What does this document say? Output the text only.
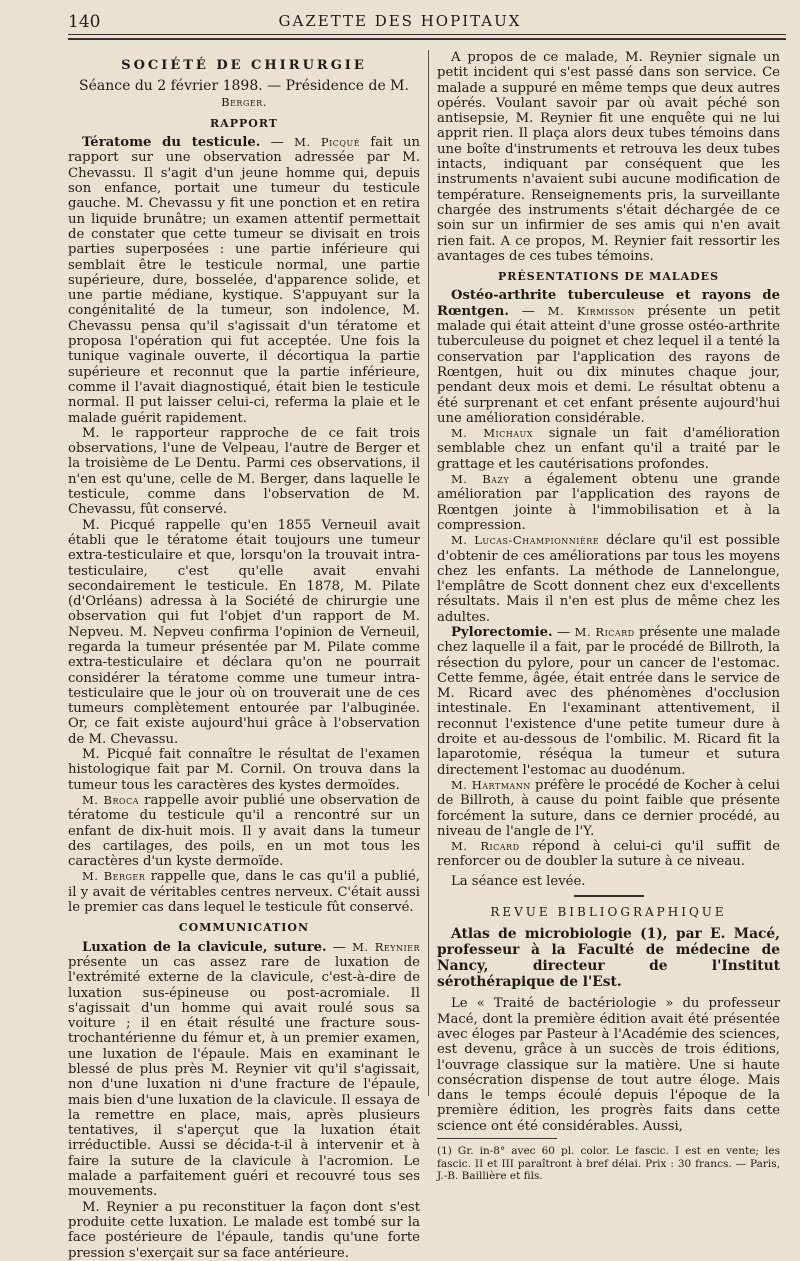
140	GAZETTE DES HOPITAUX

SOCIÉTÉ DE CHIRURGIE

Séance du 2 février 1898. — Présidence de M. Berger.

RAPPORT

Tératome du testicule. — M. Picqué fait un rapport sur une observation adressée par M. Chevassu. Il s'agit d'un jeune homme qui, depuis son enfance, portait une tumeur du testicule gauche. M. Chevassu y fit une ponction et en retira un liquide brunâtre; un examen attentif permettait de constater que cette tumeur se divisait en trois parties superposées : une partie inférieure qui semblait être le testicule normal, une partie supérieure, dure, bosselée, d'apparence solide, et une partie médiane, kystique. S'appuyant sur la congénitalité de la tumeur, son indolence, M. Chevassu pensa qu'il s'agissait d'un tératome et proposa l'opération qui fut acceptée. Une fois la tunique vaginale ouverte, il décortiqua la partie supérieure et reconnut que la partie inférieure, comme il l'avait diagnostiqué, était bien le testicule normal. Il put laisser celui-ci, referma la plaie et le malade guérit rapidement.

M. le rapporteur rapproche de ce fait trois observations, l'une de Velpeau, l'autre de Berger et la troisième de Le Dentu. Parmi ces observations, il n'en est qu'une, celle de M. Berger, dans laquelle le testicule, comme dans l'observation de M. Chevassu, fût conservé.

M. Picqué rappelle qu'en 1855 Verneuil avait établi que le tératome était toujours une tumeur extra-testiculaire et que, lorsqu'on la trouvait intra-testiculaire, c'est qu'elle avait envahi secondairement le testicule. En 1878, M. Pilate (d'Orléans) adressa à la Société de chirurgie une observation qui fut l'objet d'un rapport de M. Nepveu. M. Nepveu confirma l'opinion de Verneuil, regarda la tumeur présentée par M. Pilate comme extra-testiculaire et déclara qu'on ne pourrait considérer la tératome comme une tumeur intra-testiculaire que le jour où on trouverait une de ces tumeurs complètement entourée par l'albuginée. Or, ce fait existe aujourd'hui grâce à l'observation de M. Chevassu.

M. Picqué fait connaître le résultat de l'examen histologique fait par M. Cornil. On trouva dans la tumeur tous les caractères des kystes dermoïdes.

M. Broca rappelle avoir publié une observation de tératome du testicule qu'il a rencontré sur un enfant de dix-huit mois. Il y avait dans la tumeur des cartilages, des poils, en un mot tous les caractères d'un kyste dermoïde.

M. Berger rappelle que, dans le cas qu'il a publié, il y avait de véritables centres nerveux. C'était aussi le premier cas dans lequel le testicule fût conservé.

COMMUNICATION

Luxation de la clavicule, suture. — M. Reynier présente un cas assez rare de luxation de l'extrémité externe de la clavicule, c'est-à-dire de luxation sus-épineuse ou post-acromiale. Il s'agissait d'un homme qui avait roulé sous sa voiture ; il en était résulté une fracture sous-trochantérienne du fémur et, à un premier examen, une luxation de l'épaule. Mais en examinant le blessé de plus près M. Reynier vit qu'il s'agissait, non d'une luxation ni d'une fracture de l'épaule, mais bien d'une luxation de la clavicule. Il essaya de la remettre en place, mais, après plusieurs tentatives, il s'aperçut que la luxation était irréductible. Aussi se décida-t-il à intervenir et à faire la suture de la clavicule à l'acromion. Le malade a parfaitement guéri et recouvré tous ses mouvements.

M. Reynier a pu reconstituer la façon dont s'est produite cette luxation. Le malade est tombé sur la face postérieure de l'épaule, tandis qu'une forte pression s'exerçait sur sa face antérieure.

A propos de ce malade, M. Reynier signale un petit incident qui s'est passé dans son service. Ce malade a suppuré en même temps que deux autres opérés. Voulant savoir par où avait péché son antisepsie, M. Reynier fit une enquête qui ne lui apprit rien. Il plaça alors deux tubes témoins dans une boîte d'instruments et retrouva les deux tubes intacts, indiquant par conséquent que les instruments n'avaient subi aucune modification de température. Renseignements pris, la surveillante chargée des instruments s'était déchargée de ce soin sur un infirmier de ses amis qui n'en avait rien fait. A ce propos, M. Reynier fait ressortir les avantages de ces tubes témoins.

PRÉSENTATIONS DE MALADES

Ostéo-arthrite tuberculeuse et rayons de Rœntgen. — M. Kirmisson présente un petit malade qui était atteint d'une grosse ostéo-arthrite tuberculeuse du poignet et chez lequel il a tenté la conservation par l'application des rayons de Rœntgen, huit ou dix minutes chaque jour, pendant deux mois et demi. Le résultat obtenu a été surprenant et cet enfant présente aujourd'hui une amélioration considérable.

M. Michaux signale un fait d'amélioration semblable chez un enfant qu'il a traité par le grattage et les cautérisations profondes.

M. Bazy a également obtenu une grande amélioration par l'application des rayons de Rœntgen jointe à l'immobilisation et à la compression.

M. Lucas-Championnière déclare qu'il est possible d'obtenir de ces améliorations par tous les moyens chez les enfants. La méthode de Lannelongue, l'emplâtre de Scott donnent chez eux d'excellents résultats. Mais il n'en est plus de même chez les adultes.

Pylorectomie. — M. Ricard présente une malade chez laquelle il a fait, par le procédé de Billroth, la résection du pylore, pour un cancer de l'estomac. Cette femme, âgée, était entrée dans le service de M. Ricard avec des phénomènes d'occlusion intestinale. En l'examinant attentivement, il reconnut l'existence d'une petite tumeur dure à droite et au-dessous de l'ombilic. M. Ricard fit la laparotomie, réséqua la tumeur et sutura directement l'estomac au duodénum.

M. Hartmann préfère le procédé de Kocher à celui de Billroth, à cause du point faible que présente forcément la suture, dans ce dernier procédé, au niveau de l'angle de l'Y.

M. Ricard répond à celui-ci qu'il suffit de renforcer ou de doubler la suture à ce niveau.

La séance est levée.

REVUE BIBLIOGRAPHIQUE

Atlas de microbiologie (1), par E. Macé, professeur à la Faculté de médecine de Nancy, directeur de l'Institut sérothérapique de l'Est.

Le « Traité de bactériologie » du professeur Macé, dont la première édition avait été présentée avec éloges par Pasteur à l'Académie des sciences, est devenu, grâce à un succès de trois éditions, l'ouvrage classique sur la matière. Une si haute consécration dispense de tout autre éloge. Mais dans le temps écoulé depuis l'époque de la première édition, les progrès faits dans cette science ont été considérables. Aussi,

(1) Gr. in-8° avec 60 pl. color. Le fascic. I est en vente; les fascic. II et III paraîtront à bref délai. Prix : 30 francs. — Paris, J.-B. Baillière et fils.
